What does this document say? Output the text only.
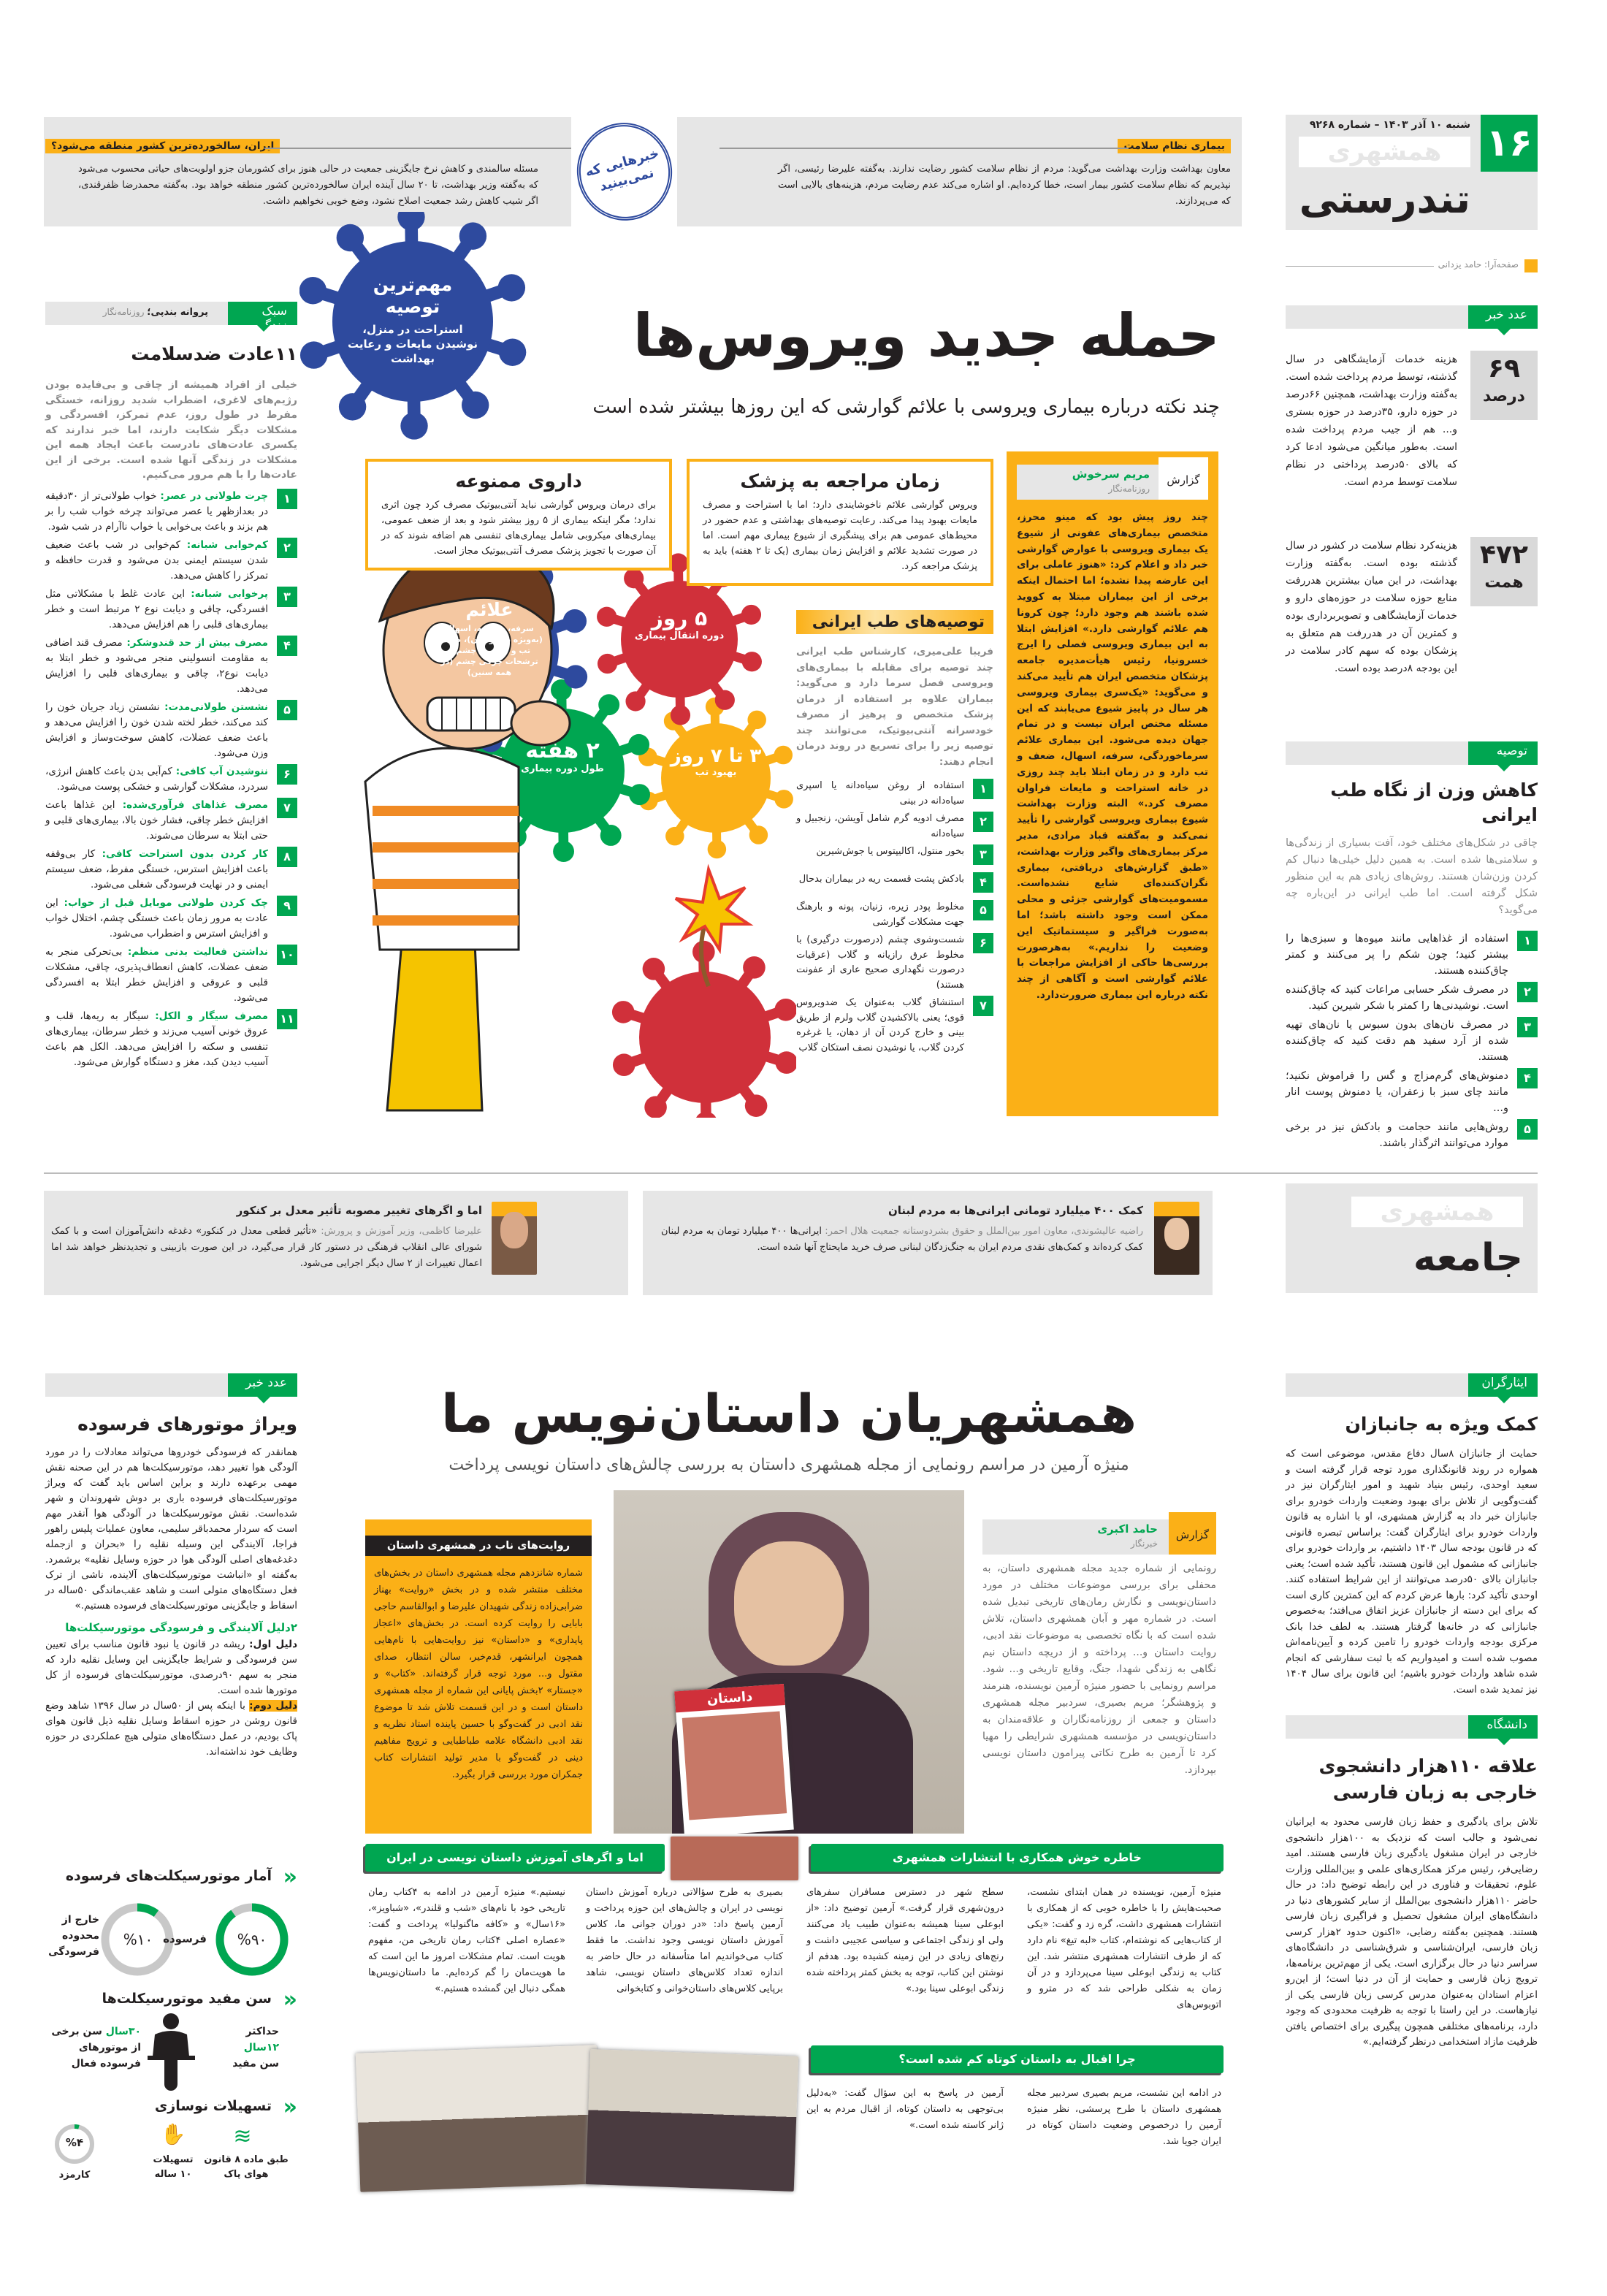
۱۶
شنبه ۱۰ آذر ۱۴۰۳ – شماره ۹۲۶۸
همشهری
تندرستی
صفحه‌آرا: حامد یزدانی
بیماری نظام سلامت
معاون بهداشت وزارت بهداشت می‌گوید: مردم از نظام سلامت کشور رضایت ندارند. به‌گفته علیرضا رئیسی، اگر نپذیریم که نظام سلامت کشور بیمار است، خطا کرده‌ایم. او اشاره می‌کند عدم رضایت مردم، هزینه‌های بالایی است که می‌پردازند.
ایران، سالخورده‌ترین کشور منطقه می‌شود؟
مسئله سالمندی و کاهش نرخ جایگزینی جمعیت در حالی هنوز برای کشورمان جزو اولویت‌های حیاتی محسوب می‌شود که به‌گفته وزیر بهداشت، تا ۲۰ سال آینده ایران سالخورده‌ترین کشور منطقه خواهد بود. به‌گفته محمدرضا ظفرقندی، اگر شیب کاهش رشد جمعیت اصلاح نشود، وضع خوبی نخواهیم داشت.
خبرهایی که نمی‌بینید
عدد خبر
۶۹
درصد
هزینه خدمات آزمایشگاهی در سال گذشته، توسط مردم پرداخت شده است. به‌گفته وزارت بهداشت، همچنین ۶۶درصد در حوزه دارو، ۳۵درصد در حوزه بستری و... هم از جیب مردم پرداخت شده است. به‌طور میانگین می‌شود ادعا کرد که بالای ۵۰درصد پرداختی در نظام سلامت توسط مردم است.
۴۷۲
همت
هزینه‌کرد نظام سلامت در کشور در سال گذشته بوده است. به‌گفته وزارت بهداشت، در این میان بیشترین هدررفت منابع حوزه سلامت در حوزه‌های دارو و خدمات آزمایشگاهی و تصویربرداری بوده و کمترین آن در هدررفت هم متعلق به پزشکان بوده که سهم کادر سلامت در این بودجه ۸درصد بوده است.
توصیه
کاهش وزن از نگاه طب ایرانی
چاقی در شکل‌های مختلف خود، آفت بسیاری از زندگی‌ها و سلامتی‌ها شده است. به همین دلیل خیلی‌ها دنبال کم کردن وزن‌شان هستند. روش‌های زیادی هم به این منظور شکل گرفته است. اما طب ایرانی در این‌باره چه می‌گوید؟
۱
استفاده از غذاهایی مانند میوه‌ها و سبزی‌ها را بیشتر کنید؛ چون شکم را پر می‌کنند و کمتر چاق‌کننده هستند.
۲
در مصرف شکر حسابی مراعات کنید که چاق‌کننده است. نوشیدنی‌ها را کمتر با شکر شیرین کنید.
۳
در مصرف نان‌های بدون سبوس یا نان‌های تهیه شده از آرد سفید هم دقت کنید که چاق‌کننده هستند.
۴
دمنوش‌های گرم‌مزاج و گس را فراموش نکنید؛ مانند چای سبز با زعفران، یا دمنوش پوست انار و...
۵
روش‌هایی مانند حجامت و بادکش نیز در برخی موارد می‌توانند اثرگذار باشند.
حمله جدید ویروس‌ها
چند نکته درباره بیماری ویروسی با علائم گوارشی که این روزها بیشتر شده است
زمان مراجعه به پزشک
ویروس گوارشی علائم ناخوشایندی دارد؛ اما با استراحت و مصرف مایعات بهبود پیدا می‌کند. رعایت توصیه‌های بهداشتی و عدم حضور در محیط‌های عمومی هم برای پیشگیری از شیوع بیماری مهم است. اما در صورت تشدید علائم و افزایش زمان بیماری (یک تا ۲ هفته) باید به پزشک مراجعه کرد.
داروی ممنوعه
برای درمان ویروس گوارشی نباید آنتی‌بیوتیک مصرف کرد چون اثری ندارد؛ مگر اینکه بیماری از ۵ روز بیشتر شود و بعد از ضعف عمومی، بیماری‌های میکروبی شامل بیماری‌های تنفسی هم اضافه شوند که در آن صورت با تجویز پزشک مصرف آنتی‌بیوتیک مجاز است.
گزارش
مریم سرخوش
روزنامه‌نگار
چند روز پیش بود که مینو محرز، متخصص بیماری‌های عفونی از شیوع یک بیماری ویروسی با عوارض گوارشی خبر داد و اعلام کرد: «هنوز عاملی برای این عارضه پیدا نشده؛ اما احتمال اینکه برخی از این بیماران مبتلا به کووید شده باشند هم وجود دارد؛ چون کرونا هم علائم گوارشی دارد.» افزایش ابتلا به این بیماری ویروسی فصلی را ایرج خسرونیا، رئیس هیأت‌مدیره جامعه پزشکان متخصص ایران هم تأیید می‌کند و می‌گوید: «یک‌سری بیماری ویروسی هر سال در پاییز شیوع می‌یابند که این مسئله مختص ایران نیست و در تمام جهان دیده می‌شود. این بیماری علائم سرماخوردگی، سرفه، اسهال، ضعف و تب دارد و در زمان ابتلا باید چند روزی در خانه استراحت و مایعات فراوان مصرف کرد.» البته وزارت بهداشت شیوع بیماری ویروسی گوارشی را تأیید نمی‌کند و به‌گفته قباد مرادی، مدیر مرکز بیماری‌های واگیر وزارت بهداشت، «طبق گزارش‌های دریافتی، بیماری نگران‌کننده‌ای شایع نشده‌است. مسمومیت‌های گوارشی جزئی و محلی ممکن است وجود داشته باشد؛ اما به‌صورت فراگیر و سیستماتیک این وضعیت را نداریم.» به‌هرصورت بررسی‌ها حاکی از افزایش مراجعات با علائم گوارشی است و آگاهی از چند نکته درباره این بیماری ضرورت‌دارد.
توصیه‌های طب ایرانی
فریبا علی‌میری، کارشناس طب ایرانی چند توصیه برای مقابله با بیماری‌های ویروسی فصل سرما دارد و می‌گوید: بیماران علاوه بر استفاده از درمان پزشک متخصص و پرهیز از مصرف خودسرانه آنتی‌بیوتیک، می‌توانند چند توصیه زیر را برای تسریع در روند درمان انجام دهند:
۱
استفاده از روغن سیاه‌دانه یا اسپری سیاه‌دانه در بینی
۲
مصرف ادویه گرم شامل آویشن، زنجبیل و سیاه‌دانه
۳
بخور منتول، اکالیپتوس یا جوش‌شیرین
۴
بادکش پشت قسمت ریه در بیماران بدحال
۵
مخلوط پودر زیره، زنیان، پونه و بارهنگ جهت مشکلات گوارشی
۶
شست‌وشوی چشم (درصورت درگیری) با مخلوط عرق رازیانه و گلاب (عرقیات درصورت نگهداری صحیح عاری از عفونت هستند)
۷
استنشاق گلاب به‌عنوان یک ضدویروس قوی؛ یعنی بالاکشیدن گلاب ولرم از طریق بینی و خارج کردن آن از دهان، یا غرغره کردن گلاب، یا نوشیدن نصف استکان گلاب
مهم‌ترین توصیه
استراحت در منزل، نوشیدن مایعات و رعایت بهداشت
علائم
سرفه، دل‌پیچه، اسهال (به‌ویژه در کودکان)، ضعف، تب و درگیری چشم و ترشحات چرکی چشم (در همه سنین)
۵ روز
دوره انتقال بیماری
۲ هفته
طول دوره بیماری
۳ تا ۷ روز
بهبود تب
سبک زندگی
پروانه بندپی؛ روزنامه‌نگار
۱۱عادت ضدسلامت
خیلی از افراد همیشه از چاقی و بی‌فایده بودن رژیم‌های لاغری، اضطراب شدید روزانه، خستگی مفرط در طول روز، عدم تمرکز، افسردگی و مشکلات دیگر شکایت دارند، اما خبر ندارند که یکسری عادت‌های نادرست باعث ایجاد همه این مشکلات در زندگی آنها شده است. برخی از این عادت‌ها را با هم مرور می‌کنیم.
۱
چرت طولانی در عصر: خواب طولانی‌تر از ۳۰دقیقه در بعدازظهر یا عصر می‌تواند چرخه خواب شب را بر هم بزند و باعث بی‌خوابی یا خواب ناآرام در شب شود.
۲
کم‌خوابی شبانه: کم‌خوابی در شب باعث ضعیف شدن سیستم ایمنی بدن می‌شود و قدرت حافظه و تمرکز را کاهش می‌دهد.
۳
پرخوابی شبانه: این عادت غلط با مشکلاتی مثل افسردگی، چاقی و دیابت نوع ۲ مرتبط است و خطر بیماری‌های قلبی را هم افزایش می‌دهد.
۴
مصرف بیش از حد قندوشکر: مصرف قند اضافی به مقاومت انسولینی منجر می‌شود و خطر ابتلا به دیابت نوع۲، چاقی و بیماری‌های قلبی را افزایش می‌دهد.
۵
نشستن طولانی‌مدت: نشستن زیاد جریان خون را کند می‌کند، خطر لخته شدن خون را افزایش می‌دهد و باعث ضعف عضلات، کاهش سوخت‌وساز و افزایش وزن می‌شود.
۶
ننوشیدن آب کافی: کم‌آبی بدن باعث کاهش انرژی، سردرد، مشکلات گوارشی و خشکی پوست می‌شود.
۷
مصرف غذاهای فرآوری‌شده: این غذاها باعث افزایش خطر چاقی، فشار خون بالا، بیماری‌های قلبی و حتی ابتلا به سرطان می‌شوند.
۸
کار کردن بدون استراحت کافی: کار بی‌وقفه باعث افزایش استرس، خستگی مفرط، ضعف سیستم ایمنی و در نهایت فرسودگی شغلی می‌شود.
۹
چک کردن طولانی موبایل قبل از خواب: این عادت به مرور زمان باعث خستگی چشم، اختلال خواب و افزایش استرس و اضطراب می‌شود.
۱۰
نداشتن فعالیت بدنی منظم: بی‌تحرکی منجر به ضعف عضلات، کاهش انعطاف‌پذیری، چاقی، مشکلات قلبی و عروقی و افزایش خطر ابتلا به افسردگی می‌شود.
۱۱
مصرف سیگار و الکل: سیگار به ریه‌ها، قلب و عروق خونی آسیب می‌زند و خطر سرطان، بیماری‌های تنفسی و سکته را افزایش می‌دهد. الکل هم باعث آسیب دیدن کبد، مغز و دستگاه گوارش می‌شود.
همشهری
جامعه
کمک ۴۰۰ میلیارد تومانی ایرانی‌ها به مردم لبنان
راضیه عالیشوندی، معاون امور بین‌الملل و حقوق بشردوستانه جمعیت هلال احمر: ایرانی‌ها ۴۰۰ میلیارد تومان به مردم لبنان کمک کرده‌اند و کمک‌های نقدی مردم ایران به جنگ‌زدگان لبنانی صرف خرید مایحتاج آنها شده است.
اما و اگرهای تغییر مصوبه تأثیر معدل بر کنکور
علیرضا کاظمی، وزیر آموزش و پرورش: «تأثیر قطعی معدل در کنکور» دغدغه دانش‌آموزان است و با کمک شورای عالی انقلاب فرهنگی در دستور کار قرار می‌گیرد، در این صورت بازبینی و تجدیدنظر خواهد شد اما اعمال تغییرات از ۲ سال دیگر اجرایی می‌شود.
ایثارگران
کمک ویژه به جانبازان
حمایت از جانبازان ۸سال دفاع مقدس، موضوعی است که همواره در روند قانونگذاری مورد توجه قرار گرفته است و سعید اوحدی، رئیس بنیاد شهید و امور ایثارگران نیز در گفت‌وگویی از تلاش برای بهبود وضعیت واردات خودرو برای جانبازان خبر داد به گزارش همشهری، او با اشاره به قانون واردات خودرو برای ایثارگران گفت: براساس تبصره قانونی که در قانون بودجه سال ۱۴۰۳ داشتیم، بر واردات خودرو برای جانبازانی که مشمول این قانون هستند، تأکید شده است؛ یعنی جانبازان بالای ۵۰درصد می‌توانند از این شرایط استفاده کنند. اوحدی تأکید کرد: بارها عرض کردم که این کمترین کاری است که برای این دسته از جانبازان عزیز اتفاق می‌افتد؛ به‌خصوص جانبازانی که در خانه‌ها گرفتار هستند. به لطف خدا بانک مرکزی بودجه واردات خودرو را تامین کرده و آیین‌نامه‌اش مصوب شده است و امیدواریم که با ثبت سفارشی که انجام شده شاهد واردات خودرو باشیم؛ این قانون برای سال ۱۴۰۴ نیز تمدید شده است.
دانشگاه
علاقه ۱۱۰هزار دانشجوی خارجی به زبان فارسی
تلاش برای یادگیری و حفظ زبان فارسی محدود به ایرانیان نمی‌شود و جالب است که نزدیک به ۱۰۰هزار دانشجوی خارجی در ایران مشغول یادگیری زبان فارسی هستند. امید رضایی‌فر، رئیس مرکز همکاری‌های علمی و بین‌المللی وزارت علوم، تحقیقات و فناوری در این رابطه توضیح داد: در حال حاضر ۱۱۰هزار دانشجوی بین‌الملل از سایر کشورهای دنیا در دانشگاه‌های ایران مشغول تحصیل و فراگیری زبان فارسی هستند. همچنین به‌گفته رضایی، «اکنون حدود ۲هزار کرسی زبان فارسی، ایران‌شناسی و شرق‌شناسی در دانشگاه‌های سراسر دنیا در حال برگزاری است. یکی از مهم‌ترین برنامه‌ها، ترویج زبان فارسی و حمایت از آن در دنیا است؛ از این‌رو اعزام استادان به‌عنوان مدرس کرسی زبان فارسی یکی از نیازهاست. در این راستا با توجه به ظرفیت محدودی که وجود دارد، برنامه‌های مختلفی همچون پیگیری برای اختصاص یافتن ظرفیت مازاد استخدامی درنظر گرفته‌ایم.»
همشهریان داستان‌نویس ما
منیژه آرمین در مراسم رونمایی از مجله همشهری داستان به بررسی چالش‌های داستان نویسی پرداخت
گزارش
حامد اکبری
خبرنگار
رونمایی از شماره جدید مجله همشهری داستان، به محفلی برای بررسی موضوعات مختلف در مورد داستان‌نویسی و نگارش رمان‌های تاریخی تبدیل شده است. در شماره مهر و آبان همشهری داستان، تلاش شده است که با نگاه تخصصی به موضوعات نقد ادبی، روایت داستان و... پرداخته و از دریچه داستان نیم نگاهی به زندگی شهدا، جنگ، وقایع تاریخی و... شود. مراسم رونمایی با حضور منیژه آرمین نویسنده، هنرمند و پژوهشگر؛ مریم بصیری، سردبیر مجله همشهری داستان و جمعی از روزنامه‌نگاران و علاقه‌مندان به داستان‌نویسی در مؤسسه همشهری شرایطی را مهیا کرد تا آرمین به طرح نکاتی پیرامون داستان نویسی بپردازد.
داستان
روایت‌های ناب در همشهری داستان
شماره شانزدهم مجله همشهری داستان در بخش‌های مختلف منتشر شده و در بخش «روایت» بهناز ضرابی‌زاده زندگی شهیدان علیرضا و ابوالقاسم حاجی بابایی را روایت کرده است. در بخش‌های «اعجاز پایداری» و «داستان» نیز روایت‌هایی با نام‌هایی همچون ایرانشهر، قدم‌خیر، سالن انتظار، صدای مقتول و... مورد توجه قرار گرفته‌اند. «کتاب» و «جستار» ۲بخش پایانی این شماره از مجله همشهری داستان است و در این قسمت تلاش شد تا موضوع نقد ادبی در گفت‌وگو با حسین پاینده استاد نظریه و نقد ادبی دانشگاه علامه طباطبایی و ترویج مفاهیم دینی در گفت‌وگو با مدیر تولید انتشارات کتاب جمکران مورد بررسی قرار بگیرد.
خاطره خوش همکاری با انتشارات همشهری
اما و اگرهای آموزش داستان نویسی در ایران
منیژه آرمین، نویسنده در همان ابتدای نشست، صحبت‌هایش را با خاطره خوبی که از همکاری با انتشارات همشهری داشت، گره زد و گفت: «یکی از کتاب‌هایی که نوشته‌ام، کتاب «لبه تیغ» نام دارد که از طرف انتشارات همشهری منتشر شد. این کتاب به زندگی ابوعلی سینا می‌پردازد و در آن زمان به شکلی طراحی شد که در مترو و اتوبوس‌های
سطح شهر در دسترس مسافران سفرهای درون‌شهری قرار گرفت.» آرمین توضیح داد: «از ابوعلی سینا همیشه به‌عنوان طبیب یاد می‌کنند ولی او زندگی اجتماعی و سیاسی عجیبی داشت و رنج‌های زیادی در این زمینه کشیده بود. هدفم از نوشتن این کتاب، توجه به بخش کمتر پرداخته شده زندگی ابوعلی سینا بود.»
بصیری به طرح سؤالاتی درباره آموزش داستان نویسی در ایران و چالش‌های این حوزه پرداخت و آرمین پاسخ داد: «در دوران جوانی ما، کلاس آموزش داستان نویسی وجود نداشت. ما فقط کتاب می‌خواندیم اما متأسفانه در حال حاضر به اندازه تعداد کلاس‌های داستان نویسی، شاهد برپایی کلاس‌های داستان‌خوانی و کتابخوانی
نیستیم.» منیژه آرمین در ادامه به ۴کتاب رمان تاریخی خود با نام‌های «شب و قلندر»، «شباویز»، «۱۶سال» و «کافه ماگنولیا» پرداخت و گفت: «عصاره اصلی ۴کتاب رمان تاریخی من، مفهوم هویت است. تمام مشکلات امروز ما این است که ما هویت‌مان را گم کرده‌ایم. ما داستان‌نویس‌ها همگی دنبال این گمشده هستیم.»
چرا اقبال به داستان کوتاه کم شده است؟
در ادامه این نشست، مریم بصیری سردبیر مجله همشهری داستان با طرح پرسشی، نظر منیژه آرمین را درخصوص وضعیت داستان کوتاه در ایران جویا شد.
آرمین در پاسخ به این سؤال گفت: «به‌دلیل بی‌توجهی به داستان کوتاه، از اقبال مردم به این ژانر کاسته شده است.»
عدد خبر
ویراژ موتورهای فرسوده
همانقدر که فرسودگی خودروها می‌تواند معادلات را در مورد آلودگی هوا تغییر دهد، موتورسیکلت‌ها هم در این صحنه نقش مهمی برعهده دارند و براین اساس باید گفت که ویراژ موتورسیکلت‌های فرسوده باری بر دوش شهروندان و شهر شده‌است. نقش موتورسیکلت‌ها در آلودگی هوا آنقدر مهم است که سردار محمدباقر سلیمی، معاون عملیات پلیس راهور فراجا، آلایندگی این وسیله نقلیه را «بحران و ازجمله دغدغه‌های اصلی آلودگی هوا در حوزه وسایل نقلیه» برشمرد. به‌گفته او «انباشت موتورسیکلت‌های آلاینده، ناشی از ترک فعل دستگاه‌های متولی است و شاهد عقب‌ماندگی ۵۰ساله در اسقاط و جایگزینی موتورسیکلت‌های فرسوده هستیم.»
۲دلیل آلایندگی و فرسودگی موتورسیکلت‌ها
دلیل اول: ریشه در قانون یا نبود قانون مناسب برای تعیین سن فرسودگی و شرایط جایگزینی این وسایل نقلیه دارد که منجر به سهم ۹۰درصدی، موتورسیکلت‌های فرسوده از کل موتورها شده است.
دلیل دوم: با اینکه پس از ۵۰سال در سال ۱۳۹۶ شاهد وضع قانون روشن در حوزه اسقاط وسایل نقلیه ذیل قانون هوای پاک بودیم، در عمل دستگاه‌های متولی هیچ عملکردی در حوزه وظایف خود نداشته‌اند.
«
آمار موتورسیکلت‌های فرسوده
%۹۰
فرسوده
%۱۰
خارج از محدوده فرسودگی
«
سن مفید موتورسیکلت‌ها
حداکثر
۱۲سال
سن مفید
۳۰سال سن برخی از موتورهای فرسوده فعال
«
تسهیلات نوسازی
≋
طبق ماده ۸ قانون هوای پاک
✋
تسهیلات ۱۰ ساله
%۴
کارمزد
